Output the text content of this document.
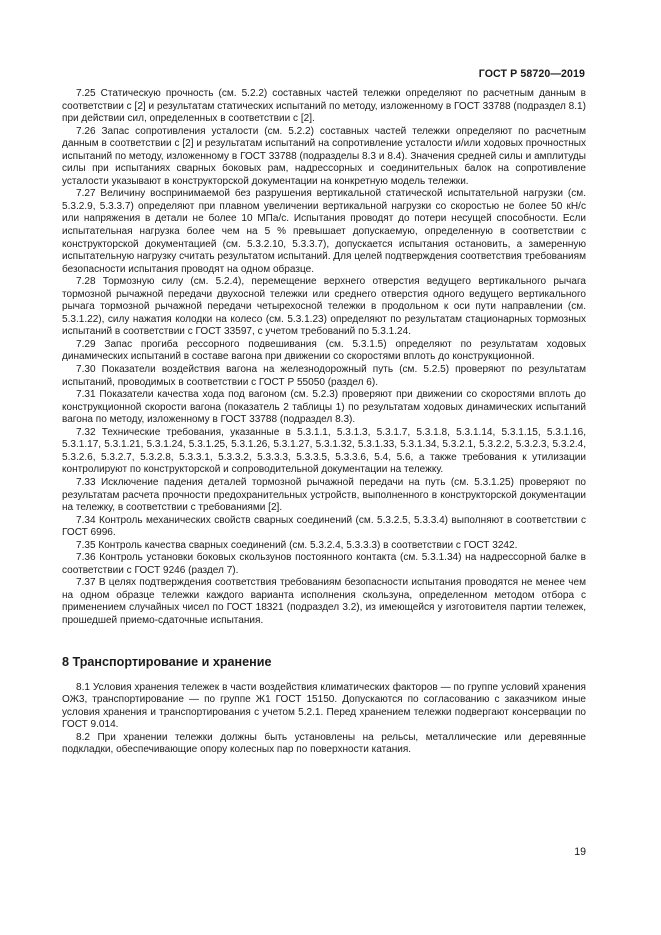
ГОСТ Р 58720—2019

7.25 Статическую прочность (см. 5.2.2) составных частей тележки определяют по расчетным данным в соответствии с [2] и результатам статических испытаний по методу, изложенному в ГОСТ 33788 (подраздел 8.1) при действии сил, определенных в соответствии с [2].

7.26 Запас сопротивления усталости (см. 5.2.2) составных частей тележки определяют по расчетным данным в соответствии с [2] и результатам испытаний на сопротивление усталости и/или ходовых прочностных испытаний по методу, изложенному в ГОСТ 33788 (подразделы 8.3 и 8.4). Значения средней силы и амплитуды силы при испытаниях сварных боковых рам, надрессорных и соединительных балок на сопротивление усталости указывают в конструкторской документации на конкретную модель тележки.

7.27 Величину воспринимаемой без разрушения вертикальной статической испытательной нагрузки (см. 5.3.2.9, 5.3.3.7) определяют при плавном увеличении вертикальной нагрузки со скоростью не более 50 кН/с или напряжения в детали не более 10 МПа/с. Испытания проводят до потери несущей способности. Если испытательная нагрузка более чем на 5 % превышает допускаемую, определенную в соответствии с конструкторской документацией (см. 5.3.2.10, 5.3.3.7), допускается испытания остановить, а замеренную испытательную нагрузку считать результатом испытаний. Для целей подтверждения соответствия требованиям безопасности испытания проводят на одном образце.

7.28 Тормозную силу (см. 5.2.4), перемещение верхнего отверстия ведущего вертикального рычага тормозной рычажной передачи двухосной тележки или среднего отверстия одного ведущего вертикального рычага тормозной рычажной передачи четырехосной тележки в продольном к оси пути направлении (см. 5.3.1.22), силу нажатия колодки на колесо (см. 5.3.1.23) определяют по результатам стационарных тормозных испытаний в соответствии с ГОСТ 33597, с учетом требований по 5.3.1.24.

7.29 Запас прогиба рессорного подвешивания (см. 5.3.1.5) определяют по результатам ходовых динамических испытаний в составе вагона при движении со скоростями вплоть до конструкционной.

7.30 Показатели воздействия вагона на железнодорожный путь (см. 5.2.5) проверяют по результатам испытаний, проводимых в соответствии с ГОСТ Р 55050 (раздел 6).

7.31 Показатели качества хода под вагоном (см. 5.2.3) проверяют при движении со скоростями вплоть до конструкционной скорости вагона (показатель 2 таблицы 1) по результатам ходовых динамических испытаний вагона по методу, изложенному в ГОСТ 33788 (подраздел 8.3).

7.32 Технические требования, указанные в 5.3.1.1, 5.3.1.3, 5.3.1.7, 5.3.1.8, 5.3.1.14, 5.3.1.15, 5.3.1.16, 5.3.1.17, 5.3.1.21, 5.3.1.24, 5.3.1.25, 5.3.1.26, 5.3.1.27, 5.3.1.32, 5.3.1.33, 5.3.1.34, 5.3.2.1, 5.3.2.2, 5.3.2.3, 5.3.2.4, 5.3.2.6, 5.3.2.7, 5.3.2.8, 5.3.3.1, 5.3.3.2, 5.3.3.3, 5.3.3.5, 5.3.3.6, 5.4, 5.6, а также требования к утилизации контролируют по конструкторской и сопроводительной документации на тележку.

7.33 Исключение падения деталей тормозной рычажной передачи на путь (см. 5.3.1.25) проверяют по результатам расчета прочности предохранительных устройств, выполненного в конструкторской документации на тележку, в соответствии с требованиями [2].

7.34 Контроль механических свойств сварных соединений (см. 5.3.2.5, 5.3.3.4) выполняют в соответствии с ГОСТ 6996.

7.35 Контроль качества сварных соединений (см. 5.3.2.4, 5.3.3.3) в соответствии с ГОСТ 3242.

7.36 Контроль установки боковых скользунов постоянного контакта (см. 5.3.1.34) на надрессорной балке в соответствии с ГОСТ 9246 (раздел 7).

7.37 В целях подтверждения соответствия требованиям безопасности испытания проводятся не менее чем на одном образце тележки каждого варианта исполнения скользуна, определенном методом отбора с применением случайных чисел по ГОСТ 18321 (подраздел 3.2), из имеющейся у изготовителя партии тележек, прошедшей приемо-сдаточные испытания.

8 Транспортирование и хранение

8.1 Условия хранения тележек в части воздействия климатических факторов — по группе условий хранения ОЖ3, транспортирование — по группе Ж1 ГОСТ 15150. Допускаются по согласованию с заказчиком иные условия хранения и транспортирования с учетом 5.2.1. Перед хранением тележки подвергают консервации по ГОСТ 9.014.

8.2 При хранении тележки должны быть установлены на рельсы, металлические или деревянные подкладки, обеспечивающие опору колесных пар по поверхности катания.

19
